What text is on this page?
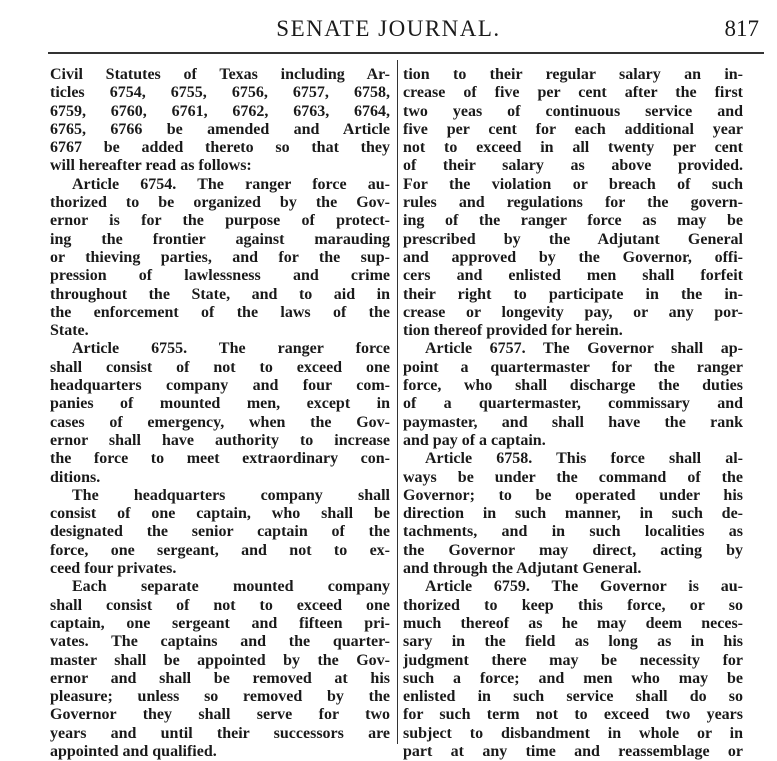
SENATE JOURNAL.	817
Civil Statutes of Texas including Ar-
ticles 6754, 6755, 6756, 6757, 6758,
6759, 6760, 6761, 6762, 6763, 6764,
6765, 6766 be amended and Article
6767 be added thereto so that they
will hereafter read as follows:
Article 6754. The ranger force au-
thorized to be organized by the Gov-
ernor is for the purpose of protect-
ing the frontier against marauding
or thieving parties, and for the sup-
pression of lawlessness and crime
throughout the State, and to aid in
the enforcement of the laws of the
State.
Article 6755. The ranger force
shall consist of not to exceed one
headquarters company and four com-
panies of mounted men, except in
cases of emergency, when the Gov-
ernor shall have authority to increase
the force to meet extraordinary con-
ditions.
The headquarters company shall
consist of one captain, who shall be
designated the senior captain of the
force, one sergeant, and not to ex-
ceed four privates.
Each separate mounted company
shall consist of not to exceed one
captain, one sergeant and fifteen pri-
vates. The captains and the quarter-
master shall be appointed by the Gov-
ernor and shall be removed at his
pleasure; unless so removed by the
Governor they shall serve for two
years and until their successors are
appointed and qualified.
tion to their regular salary an in-
crease of five per cent after the first
two yeas of continuous service and
five per cent for each additional year
not to exceed in all twenty per cent
of their salary as above provided.
For the violation or breach of such
rules and regulations for the govern-
ing of the ranger force as may be
prescribed by the Adjutant General
and approved by the Governor, offi-
cers and enlisted men shall forfeit
their right to participate in the in-
crease or longevity pay, or any por-
tion thereof provided for herein.
Article 6757. The Governor shall ap-
point a quartermaster for the ranger
force, who shall discharge the duties
of a quartermaster, commissary and
paymaster, and shall have the rank
and pay of a captain.
Article 6758. This force shall al-
ways be under the command of the
Governor; to be operated under his
direction in such manner, in such de-
tachments, and in such localities as
the Governor may direct, acting by
and through the Adjutant General.
Article 6759. The Governor is au-
thorized to keep this force, or so
much thereof as he may deem neces-
sary in the field as long as in his
judgment there may be necessity for
such a force; and men who may be
enlisted in such service shall do so
for such term not to exceed two years
subject to disbandment in whole or in
part at any time and reassemblage or
